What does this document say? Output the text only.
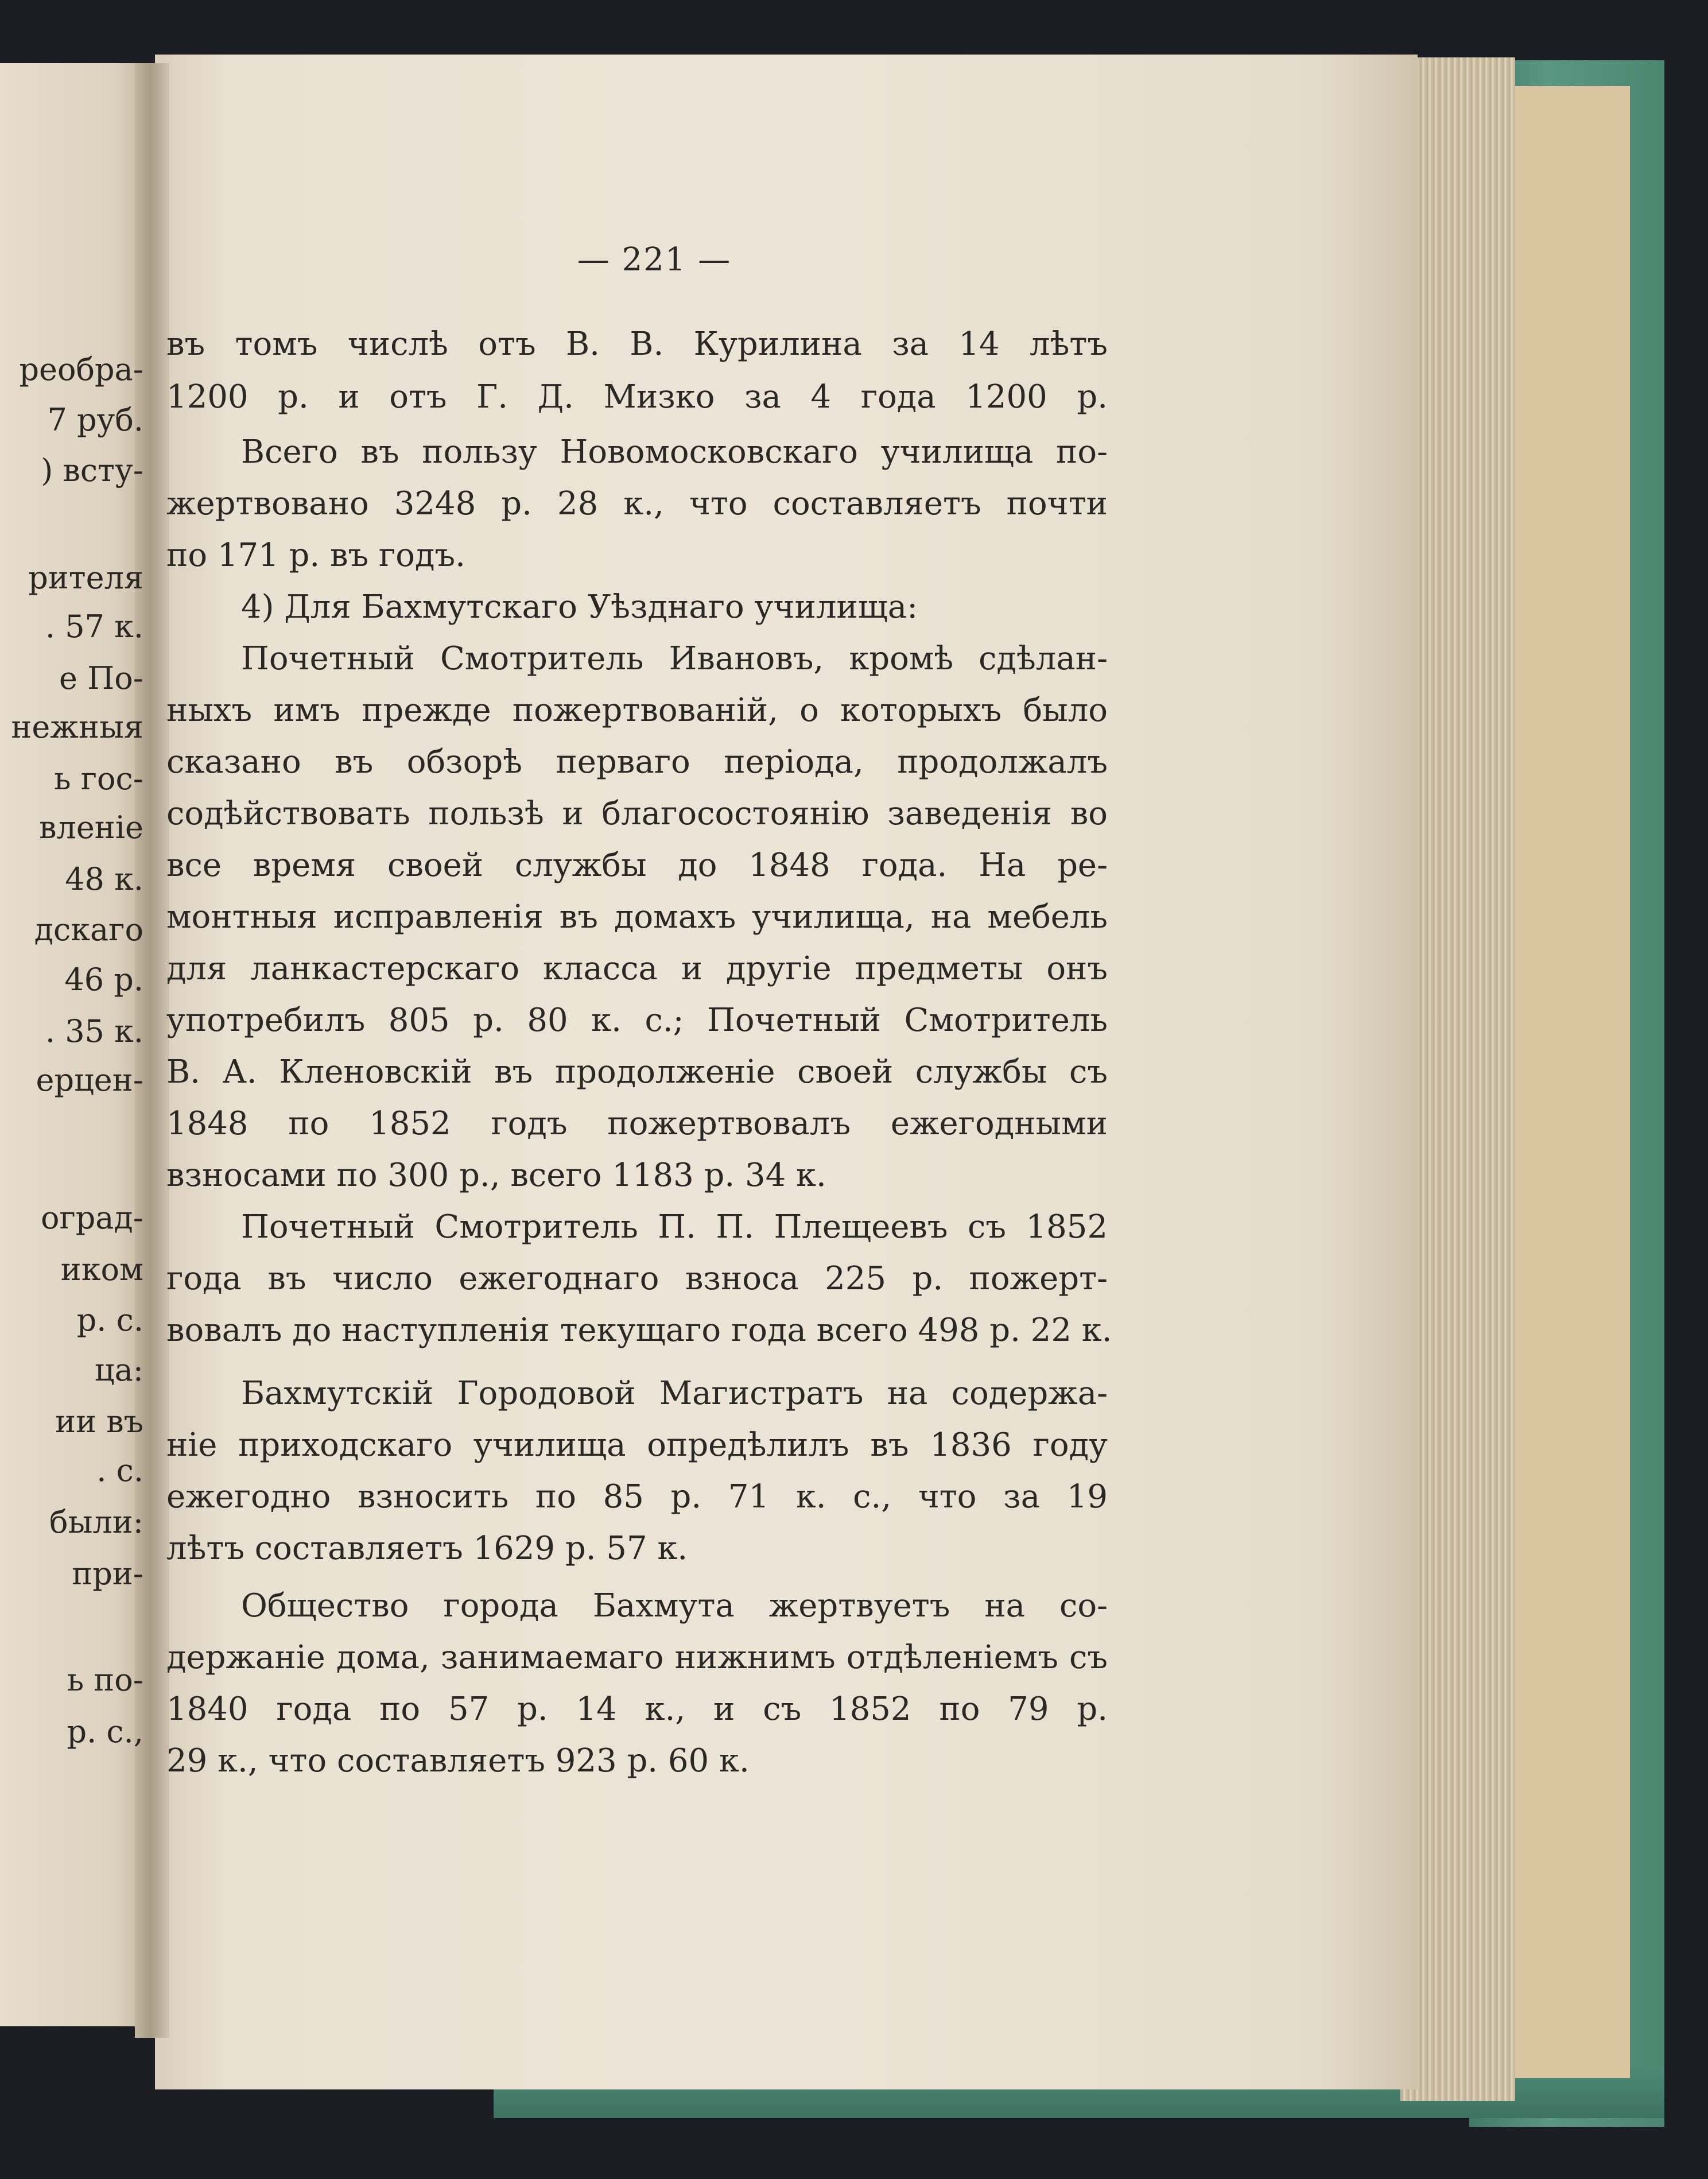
реобра-
7 руб.
) всту-
рителя
. 57 к.
е По-
нежныя
ь гос-
вленіе
48 к.
дскаго
46 р.
. 35 к.
ерцен-
оград-
иком
р. с.
ца:
ии въ
. с.
были:
при-
ь по-
р. с.,
— 221 —
въ томъ числѣ отъ В. В. Курилина за 14 лѣтъ
1200 р. и отъ Г. Д. Мизко за 4 года 1200 р.
Всего въ пользу Новомосковскаго училища по-
жертвовано 3248 р. 28 к., что составляетъ почти
по 171 р. въ годъ.
4) Для Бахмутскаго Уѣзднаго училища:
Почетный Смотритель Ивановъ, кромѣ сдѣлан-
ныхъ имъ прежде пожертвованій, о которыхъ было
сказано въ обзорѣ перваго періода, продолжалъ
содѣйствовать пользѣ и благосостоянію заведенія во
все время своей службы до 1848 года. На ре-
монтныя исправленія въ домахъ училища, на мебель
для ланкастерскаго класса и другіе предметы онъ
употребилъ 805 р. 80 к. с.; Почетный Смотритель
В. А. Кленовскій въ продолженіе своей службы съ
1848 по 1852 годъ пожертвовалъ ежегодными
взносами по 300 р., всего 1183 р. 34 к.
Почетный Смотритель П. П. Плещеевъ съ 1852
года въ число ежегоднаго взноса 225 р. пожерт-
вовалъ до наступленія текущаго года всего 498 р. 22 к.
Бахмутскій Городовой Магистратъ на содержа-
ніе приходскаго училища опредѣлилъ въ 1836 году
ежегодно взносить по 85 р. 71 к. с., что за 19
лѣтъ составляетъ 1629 р. 57 к.
Общество города Бахмута жертвуетъ на со-
держаніе дома, занимаемаго нижнимъ отдѣленіемъ съ
1840 года по 57 р. 14 к., и съ 1852 по 79 р.
29 к., что составляетъ 923 р. 60 к.
